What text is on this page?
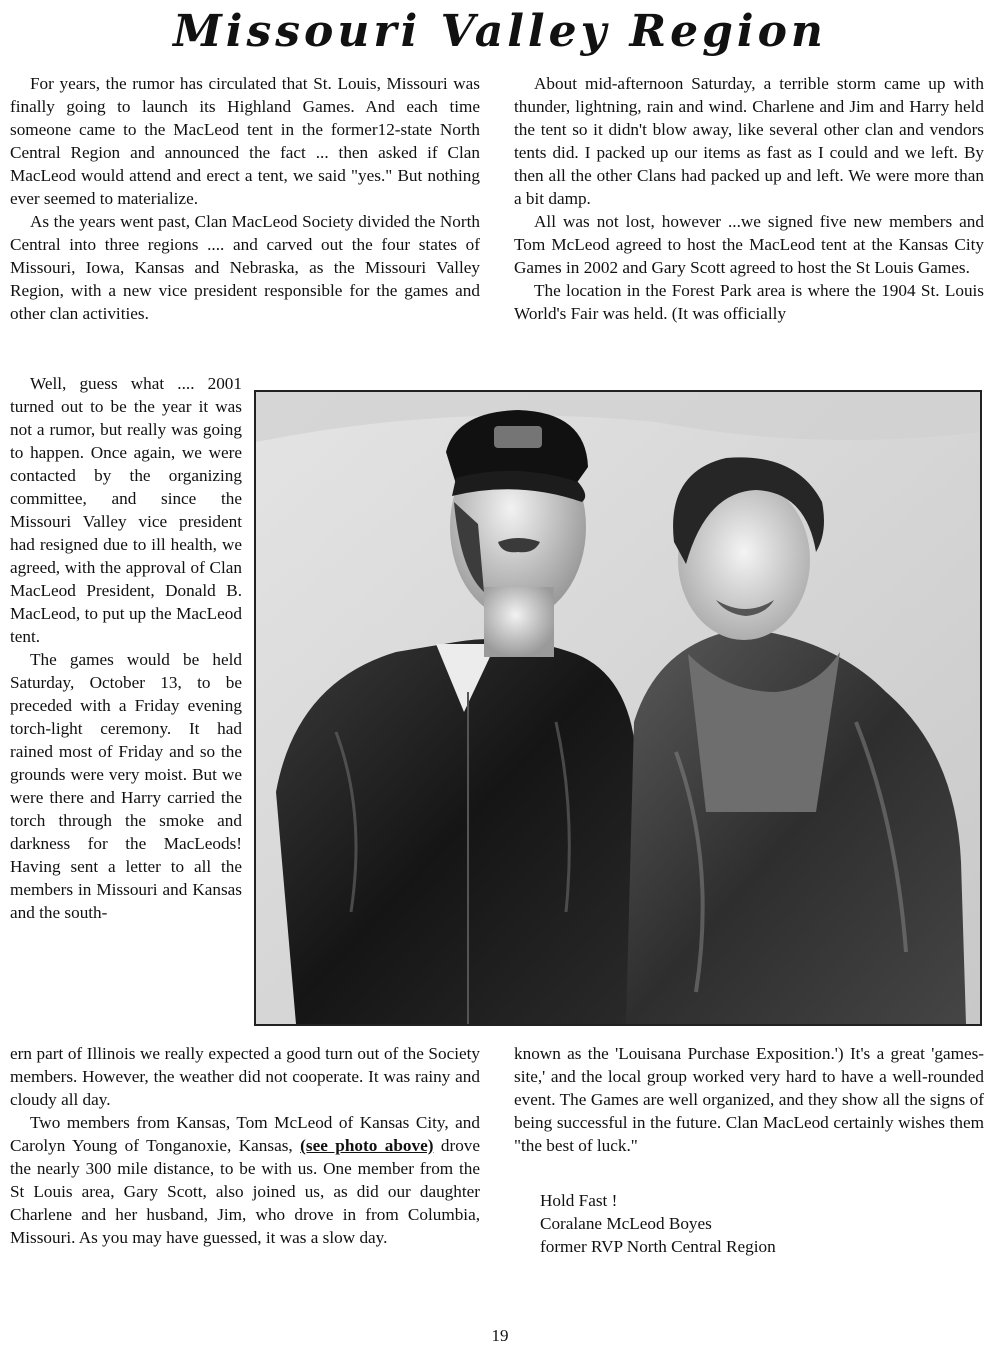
Missouri Valley Region

For years, the rumor has circulated that St. Louis, Missouri was finally going to launch its Highland Games. And each time someone came to the MacLeod tent in the former12-state North Central Region and announced the fact ... then asked if Clan MacLeod would attend and erect a tent, we said "yes." But nothing ever seemed to materialize.

As the years went past, Clan MacLeod Society divided the North Central into three regions .... and carved out the four states of Missouri, Iowa, Kansas and Nebraska, as the Missouri Valley Region, with a new vice president responsible for the games and other clan activities.

About mid-afternoon Saturday, a terrible storm came up with thunder, lightning, rain and wind. Charlene and Jim and Harry held the tent so it didn't blow away, like several other clan and vendors tents did. I packed up our items as fast as I could and we left. By then all the other Clans had packed up and left. We were more than a bit damp.

All was not lost, however ...we signed five new members and Tom McLeod agreed to host the MacLeod tent at the Kansas City Games in 2002 and Gary Scott agreed to host the St Louis Games.

The location in the Forest Park area is where the 1904 St. Louis World's Fair was held. (It was officially

Well, guess what .... 2001 turned out to be the year it was not a rumor, but really was going to happen. Once again, we were contacted by the organizing committee, and since the Missouri Valley vice president had resigned due to ill health, we agreed, with the approval of Clan MacLeod President, Donald B. MacLeod, to put up the MacLeod tent.

The games would be held Saturday, October 13, to be preceded with a Friday evening torch-light ceremony. It had rained most of Friday and so the grounds were very moist. But we were there and Harry carried the torch through the smoke and darkness for the MacLeods! Having sent a letter to all the members in Missouri and Kansas and the south-

ern part of Illinois we really expected a good turn out of the Society members. However, the weather did not cooperate. It was rainy and cloudy all day.

Two members from Kansas, Tom McLeod of Kansas City, and Carolyn Young of Tonganoxie, Kansas, (see photo above) drove the nearly 300 mile distance, to be with us. One member from the St Louis area, Gary Scott, also joined us, as did our daughter Charlene and her husband, Jim, who drove in from Columbia, Missouri. As you may have guessed, it was a slow day.

known as the 'Louisana Purchase Exposition.') It's a great 'games-site,' and the local group worked very hard to have a well-rounded event. The Games are well organized, and they show all the signs of being successful in the future. Clan MacLeod certainly wishes them "the best of luck."

Hold Fast !
Coralane McLeod Boyes
former RVP North Central Region
19
